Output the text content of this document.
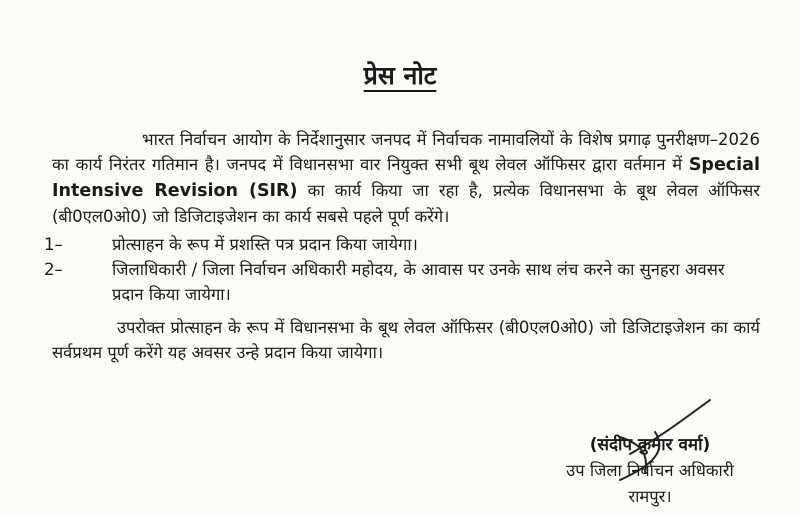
प्रेस नोट
भारत निर्वाचन आयोग के निर्देशानुसार जनपद में निर्वाचक नामावलियों के विशेष प्रगाढ़ पुनरीक्षण–2026 का कार्य निरंतर गतिमान है। जनपद में विधानसभा वार नियुक्त सभी बूथ लेवल ऑफिसर द्वारा वर्तमान में Special Intensive Revision (SIR) का कार्य किया जा रहा है, प्रत्येक विधानसभा के बूथ लेवल ऑफिसर (बी0एल0ओ0) जो डिजिटाइजेशन का कार्य सबसे पहले पूर्ण करेंगे।
1–	प्रोत्साहन के रूप में प्रशस्ति पत्र प्रदान किया जायेगा।
2–	जिलाधिकारी / जिला निर्वाचन अधिकारी महोदय, के आवास पर उनके साथ लंच करने का सुनहरा अवसर प्रदान किया जायेगा।
उपरोक्त प्रोत्साहन के रूप में विधानसभा के बूथ लेवल ऑफिसर (बी0एल0ओ0) जो डिजिटाइजेशन का कार्य सर्वप्रथम पूर्ण करेंगे यह अवसर उन्हे प्रदान किया जायेगा।
(संदीप कुमार वर्मा)
उप जिला निर्वाचन अधिकारी
रामपुर।
